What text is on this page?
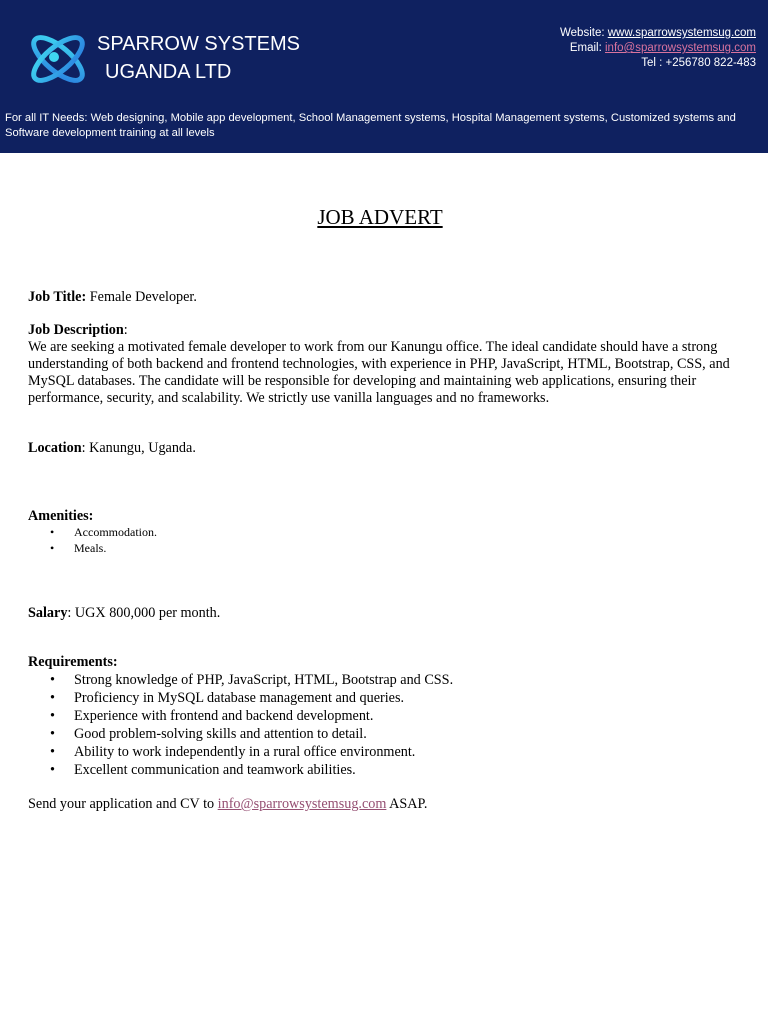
SPARROW SYSTEMS
UGANDA LTD
Website: www.sparrowsystemsug.com
Email: info@sparrowsystemsug.com
Tel : +256780 822-483
For all IT Needs: Web designing, Mobile app development, School Management systems, Hospital Management systems, Customized systems and Software development training at all levels
JOB ADVERT
Job Title: Female Developer.
Job Description:
We are seeking a motivated female developer to work from our Kanungu office. The ideal candidate should have a strong understanding of both backend and frontend technologies, with experience in PHP, JavaScript, HTML, Bootstrap, CSS, and MySQL databases. The candidate will be responsible for developing and maintaining web applications, ensuring their performance, security, and scalability. We strictly use vanilla languages and no frameworks.
Location: Kanungu, Uganda.
Amenities:
• Accommodation.
• Meals.
Salary: UGX 800,000 per month.
Requirements:
• Strong knowledge of PHP, JavaScript, HTML, Bootstrap and CSS.
• Proficiency in MySQL database management and queries.
• Experience with frontend and backend development.
• Good problem-solving skills and attention to detail.
• Ability to work independently in a rural office environment.
• Excellent communication and teamwork abilities.
Send your application and CV to info@sparrowsystemsug.com ASAP.
